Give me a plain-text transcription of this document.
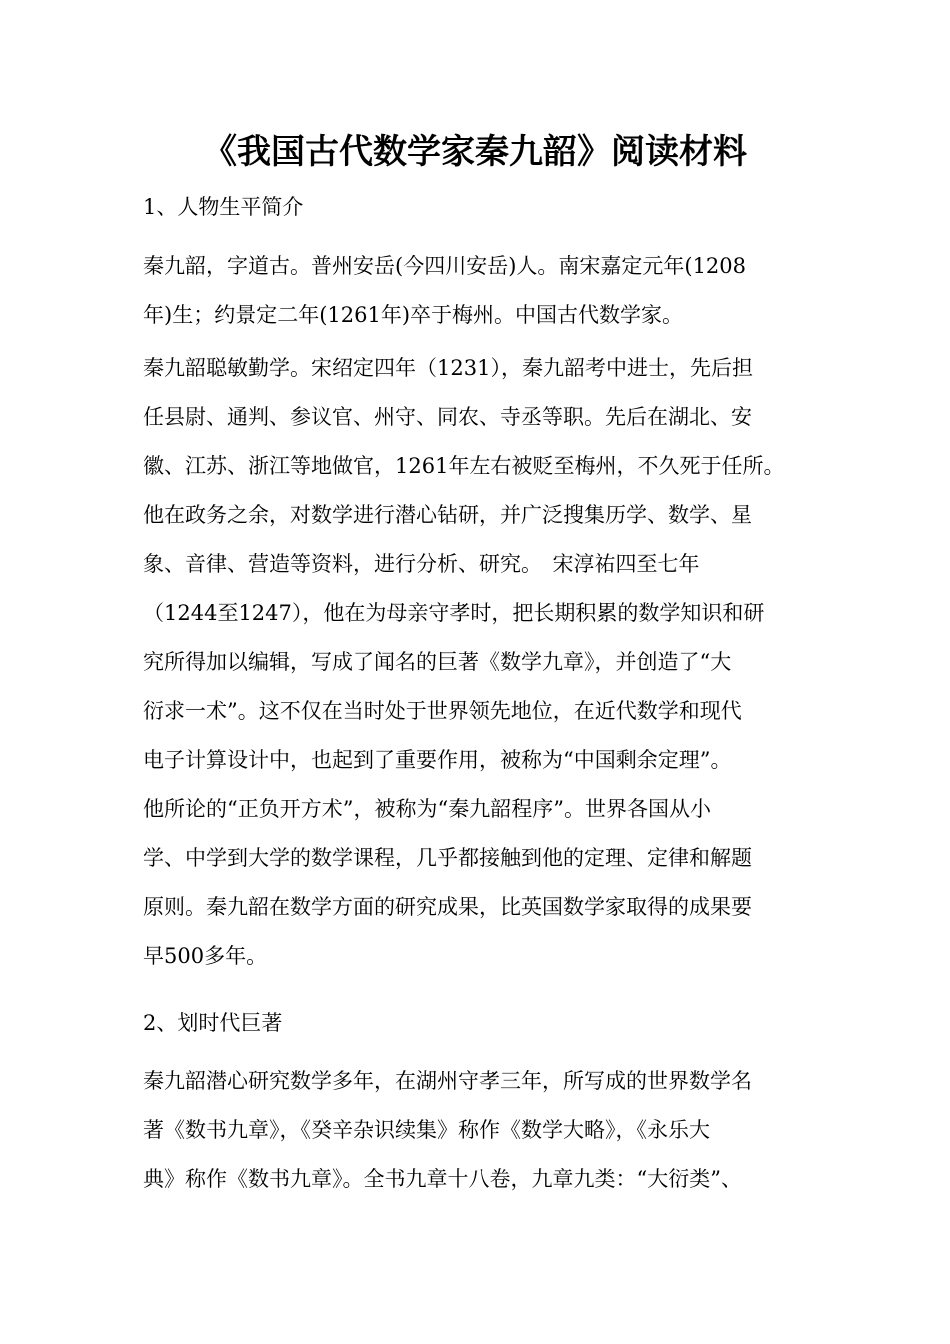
《我国古代数学家秦九韶》阅读材料

1、人物生平简介

秦九韶，字道古。普州安岳(今四川安岳)人。南宋嘉定元年(1208
年)生；约景定二年(1261年)卒于梅州。中国古代数学家。
秦九韶聪敏勤学。宋绍定四年（1231），秦九韶考中进士，先后担
任县尉、通判、参议官、州守、同农、寺丞等职。先后在湖北、安
徽、江苏、浙江等地做官，1261年左右被贬至梅州，不久死于任所。
他在政务之余，对数学进行潜心钻研，并广泛搜集历学、数学、星
象、音律、营造等资料，进行分析、研究。　宋淳祐四至七年
（1244至1247），他在为母亲守孝时，把长期积累的数学知识和研
究所得加以编辑，写成了闻名的巨著《数学九章》，并创造了“大
衍求一术”。这不仅在当时处于世界领先地位，在近代数学和现代
电子计算设计中，也起到了重要作用，被称为“中国剩余定理”。
他所论的“正负开方术”，被称为“秦九韶程序”。世界各国从小
学、中学到大学的数学课程，几乎都接触到他的定理、定律和解题
原则。秦九韶在数学方面的研究成果，比英国数学家取得的成果要
早500多年。

2、划时代巨著

秦九韶潜心研究数学多年，在湖州守孝三年，所写成的世界数学名
著《数书九章》，《癸辛杂识续集》称作《数学大略》，《永乐大
典》称作《数书九章》。全书九章十八卷，九章九类：“大衍类”、
